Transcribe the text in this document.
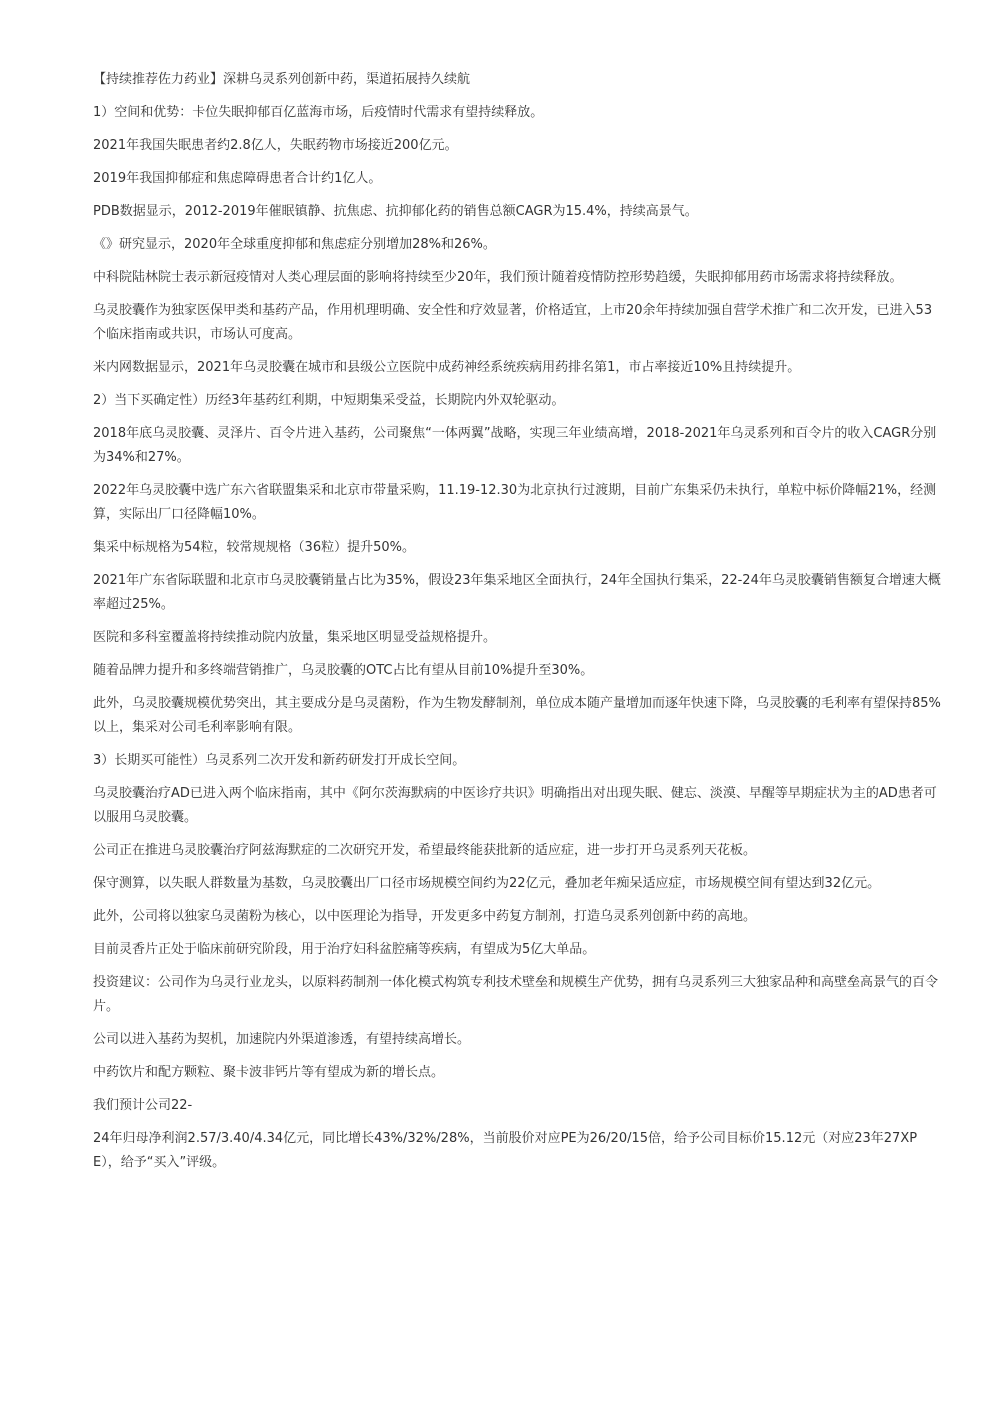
【持续推荐佐力药业】深耕乌灵系列创新中药，渠道拓展持久续航

1）空间和优势：卡位失眠抑郁百亿蓝海市场，后疫情时代需求有望持续释放。

2021年我国失眠患者约2.8亿人，失眠药物市场接近200亿元。

2019年我国抑郁症和焦虑障碍患者合计约1亿人。

PDB数据显示，2012-2019年催眠镇静、抗焦虑、抗抑郁化药的销售总额CAGR为15.4%，持续高景气。

《》研究显示，2020年全球重度抑郁和焦虑症分别增加28%和26%。

中科院陆林院士表示新冠疫情对人类心理层面的影响将持续至少20年，我们预计随着疫情防控形势趋缓，失眠抑郁用药市场需求将持续释放。

乌灵胶囊作为独家医保甲类和基药产品，作用机理明确、安全性和疗效显著，价格适宜，上市20余年持续加强自营学术推广和二次开发，已进入53个临床指南或共识，市场认可度高。

米内网数据显示，2021年乌灵胶囊在城市和县级公立医院中成药神经系统疾病用药排名第1，市占率接近10%且持续提升。

2）当下买确定性）历经3年基药红利期，中短期集采受益，长期院内外双轮驱动。

2018年底乌灵胶囊、灵泽片、百令片进入基药，公司聚焦“一体两翼”战略，实现三年业绩高增，2018-2021年乌灵系列和百令片的收入CAGR分别为34%和27%。

2022年乌灵胶囊中选广东六省联盟集采和北京市带量采购，11.19-12.30为北京执行过渡期，目前广东集采仍未执行，单粒中标价降幅21%，经测算，实际出厂口径降幅10%。

集采中标规格为54粒，较常规规格（36粒）提升50%。

2021年广东省际联盟和北京市乌灵胶囊销量占比为35%，假设23年集采地区全面执行，24年全国执行集采，22-24年乌灵胶囊销售额复合增速大概率超过25%。

医院和多科室覆盖将持续推动院内放量，集采地区明显受益规格提升。

随着品牌力提升和多终端营销推广，乌灵胶囊的OTC占比有望从目前10%提升至30%。

此外，乌灵胶囊规模优势突出，其主要成分是乌灵菌粉，作为生物发酵制剂，单位成本随产量增加而逐年快速下降，乌灵胶囊的毛利率有望保持85%以上，集采对公司毛利率影响有限。

3）长期买可能性）乌灵系列二次开发和新药研发打开成长空间。

乌灵胶囊治疗AD已进入两个临床指南，其中《阿尔茨海默病的中医诊疗共识》明确指出对出现失眠、健忘、淡漠、早醒等早期症状为主的AD患者可以服用乌灵胶囊。

公司正在推进乌灵胶囊治疗阿兹海默症的二次研究开发，希望最终能获批新的适应症，进一步打开乌灵系列天花板。

保守测算，以失眠人群数量为基数，乌灵胶囊出厂口径市场规模空间约为22亿元，叠加老年痴呆适应症，市场规模空间有望达到32亿元。

此外，公司将以独家乌灵菌粉为核心，以中医理论为指导，开发更多中药复方制剂，打造乌灵系列创新中药的高地。

目前灵香片正处于临床前研究阶段，用于治疗妇科盆腔痛等疾病，有望成为5亿大单品。

投资建议：公司作为乌灵行业龙头，以原料药制剂一体化模式构筑专利技术壁垒和规模生产优势，拥有乌灵系列三大独家品种和高壁垒高景气的百令片。

公司以进入基药为契机，加速院内外渠道渗透，有望持续高增长。

中药饮片和配方颗粒、聚卡波非钙片等有望成为新的增长点。

我们预计公司22-

24年归母净利润2.57/3.40/4.34亿元，同比增长43%/32%/28%，当前股价对应PE为26/20/15倍，给予公司目标价15.12元（对应23年27XPE），给予“买入”评级。
